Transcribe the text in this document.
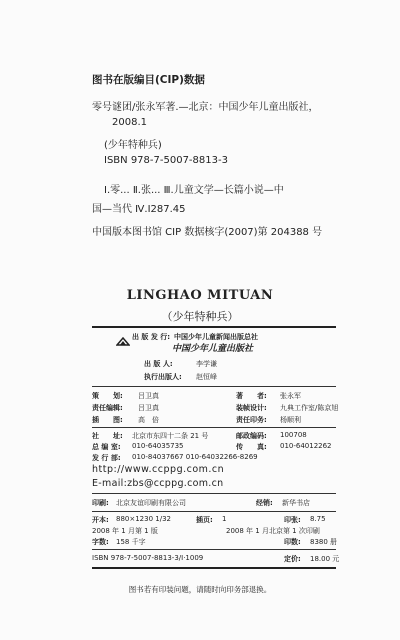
图书在版编目(CIP)数据
零号谜团/张永军著.—北京：中国少年儿童出版社，
2008.1
(少年特种兵)
ISBN 978-7-5007-8813-3
Ⅰ.零... Ⅱ.张... Ⅲ.儿童文学—长篇小说—中
国—当代 Ⅳ.I287.45
中国版本图书馆 CIP 数据核字(2007)第 204388 号
LINGHAO MITUAN
（少年特种兵）
出 版 发 行: 中国少年儿童新闻出版总社
中国少年儿童出版社
出 版 人:	李学谦
执行出版人: 赵恒峰
策　　划: 吕卫真	著　　者: 张永军
责任编辑: 吕卫真	装帧设计: 九典工作室/陈京旭
插　　图: 高　倍	责任印务: 杨顺利
社　　址: 北京市东四十二条 21 号	邮政编码: 100708
总 编 室: 010-64035735	传　　真: 010-64012262
发 行 部: 010-84037667 010-64032266-8269
http://www.ccppg.com.cn
E-mail:zbs@ccppg.com.cn
印刷: 北京友谊印刷有限公司	经销: 新华书店
开本: 880×1230 1/32	插页: 1	印张: 8.75
2008 年 1 月第 1 版	2008 年 1 月北京第 1 次印刷
字数: 158 千字	印数: 8380 册
ISBN 978-7-5007-8813-3/I·1009	定价: 18.00 元
图书若有印装问题，请随时向印务部退换。
